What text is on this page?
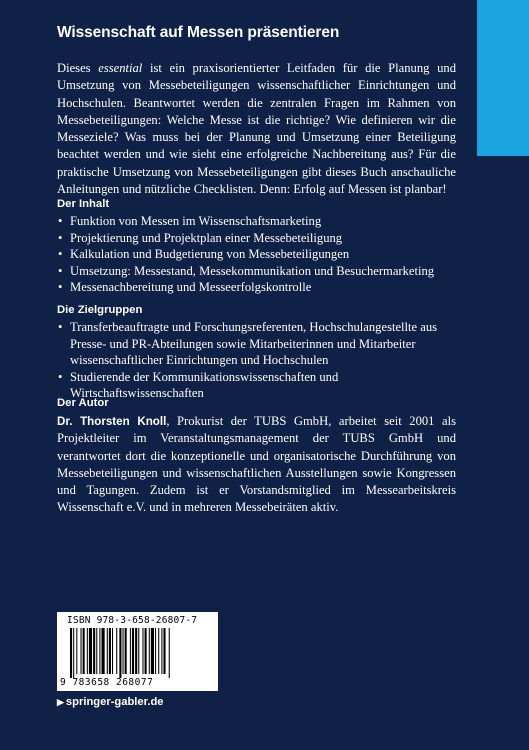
Wissenschaft auf Messen präsentieren

Dieses essential ist ein praxisorientierter Leitfaden für die Planung und Umsetzung von Messebeteiligungen wissenschaftlicher Einrichtungen und Hochschulen. Beantwortet werden die zentralen Fragen im Rahmen von Messebeteiligungen: Welche Messe ist die richtige? Wie definieren wir die Messeziele? Was muss bei der Planung und Umsetzung einer Beteiligung beachtet werden und wie sieht eine erfolgreiche Nachbereitung aus? Für die praktische Umsetzung von Messebeteiligungen gibt dieses Buch anschauliche Anleitungen und nützliche Checklisten. Denn: Erfolg auf Messen ist planbar!

Der Inhalt
• Funktion von Messen im Wissenschaftsmarketing
• Projektierung und Projektplan einer Messebeteiligung
• Kalkulation und Budgetierung von Messebeteiligungen
• Umsetzung: Messestand, Messekommunikation und Besuchermarketing
• Messenachbereitung und Messeerfolgskontrolle
Die Zielgruppen
• Transferbeauftragte und Forschungsreferenten, Hochschulangestellte aus Presse- und PR-Abteilungen sowie Mitarbeiterinnen und Mitarbeiter wissenschaftlicher Einrichtungen und Hochschulen
• Studierende der Kommunikationswissenschaften und Wirtschaftswissenschaften
Der Autor

Dr. Thorsten Knoll, Prokurist der TUBS GmbH, arbeitet seit 2001 als Projektleiter im Veranstaltungsmanagement der TUBS GmbH und verantwortet dort die konzeptionelle und organisatorische Durchführung von Messebeteiligungen und wissenschaftlichen Ausstellungen sowie Kongressen und Tagungen. Zudem ist er Vorstandsmitglied im Messearbeitskreis Wissenschaft e.V. und in mehreren Messebeiräten aktiv.

ISBN 978-3-658-26807-7
9 783658 268077
▶ springer-gabler.de
